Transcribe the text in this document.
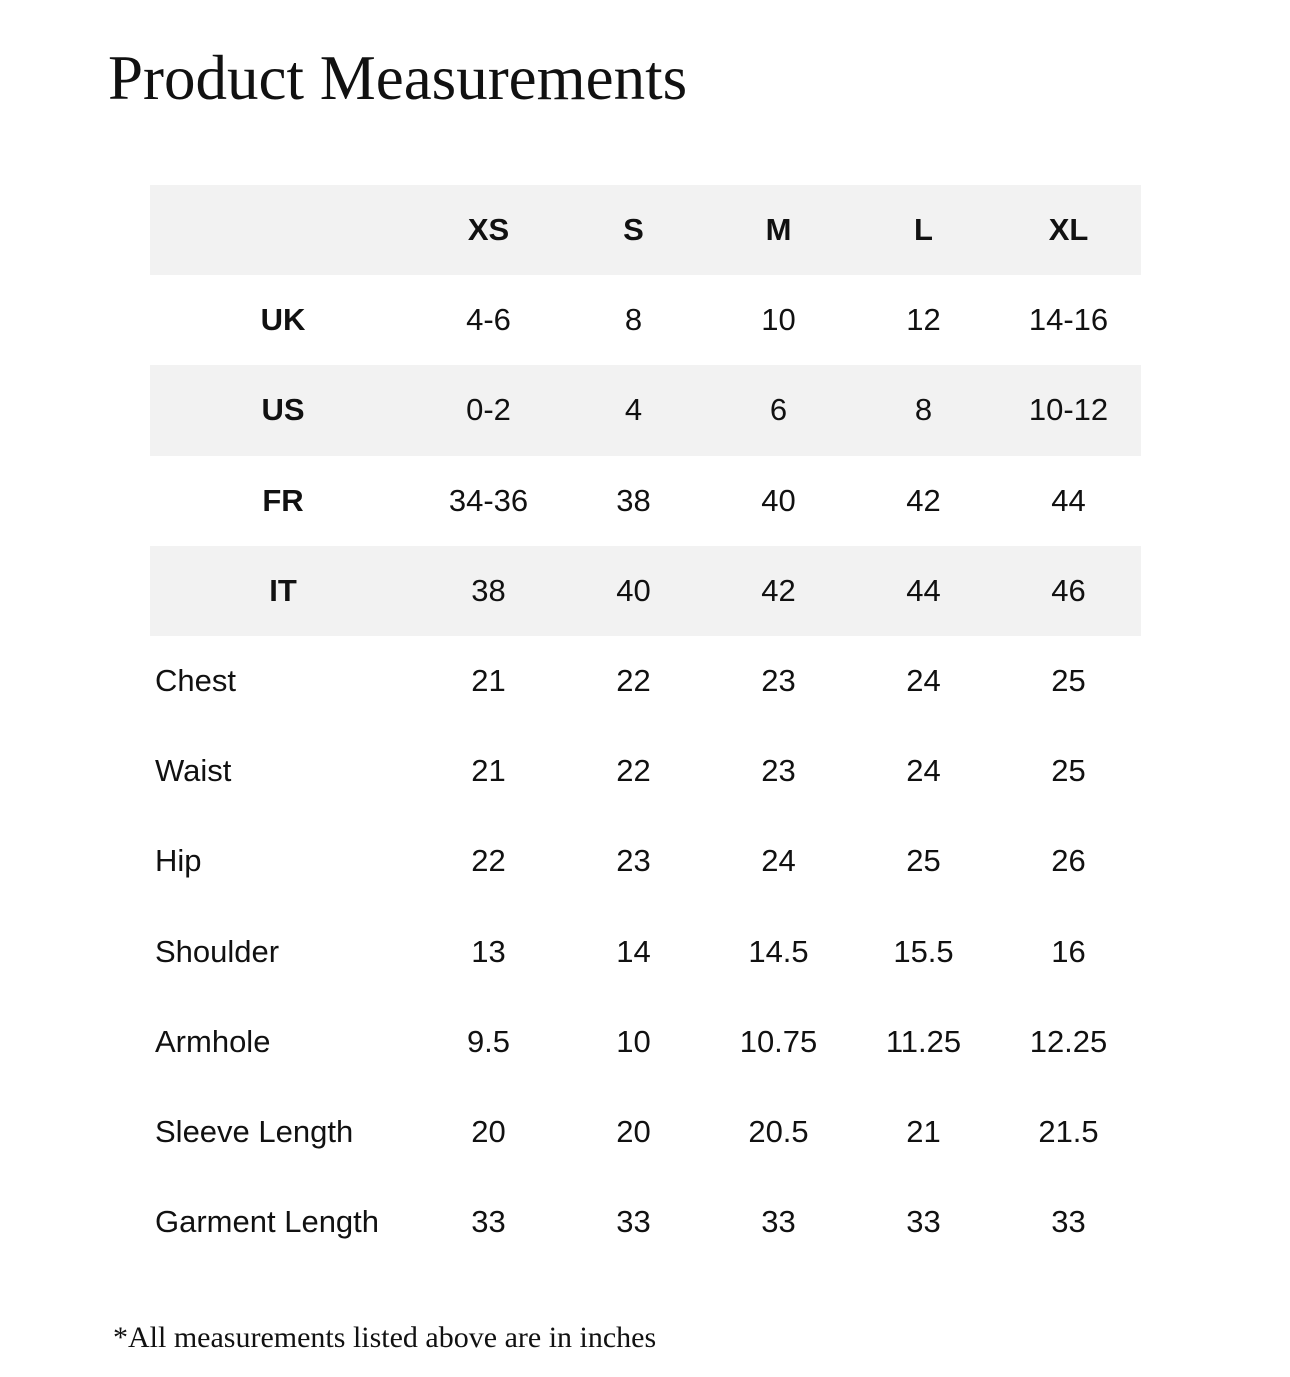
Product Measurements
	XS	S	M	L	XL
UK	4-6	8	10	12	14-16
US	0-2	4	6	8	10-12
FR	34-36	38	40	42	44
IT	38	40	42	44	46
Chest	21	22	23	24	25
Waist	21	22	23	24	25
Hip	22	23	24	25	26
Shoulder	13	14	14.5	15.5	16
Armhole	9.5	10	10.75	11.25	12.25
Sleeve Length	20	20	20.5	21	21.5
Garment Length	33	33	33	33	33
*All measurements listed above are in inches
